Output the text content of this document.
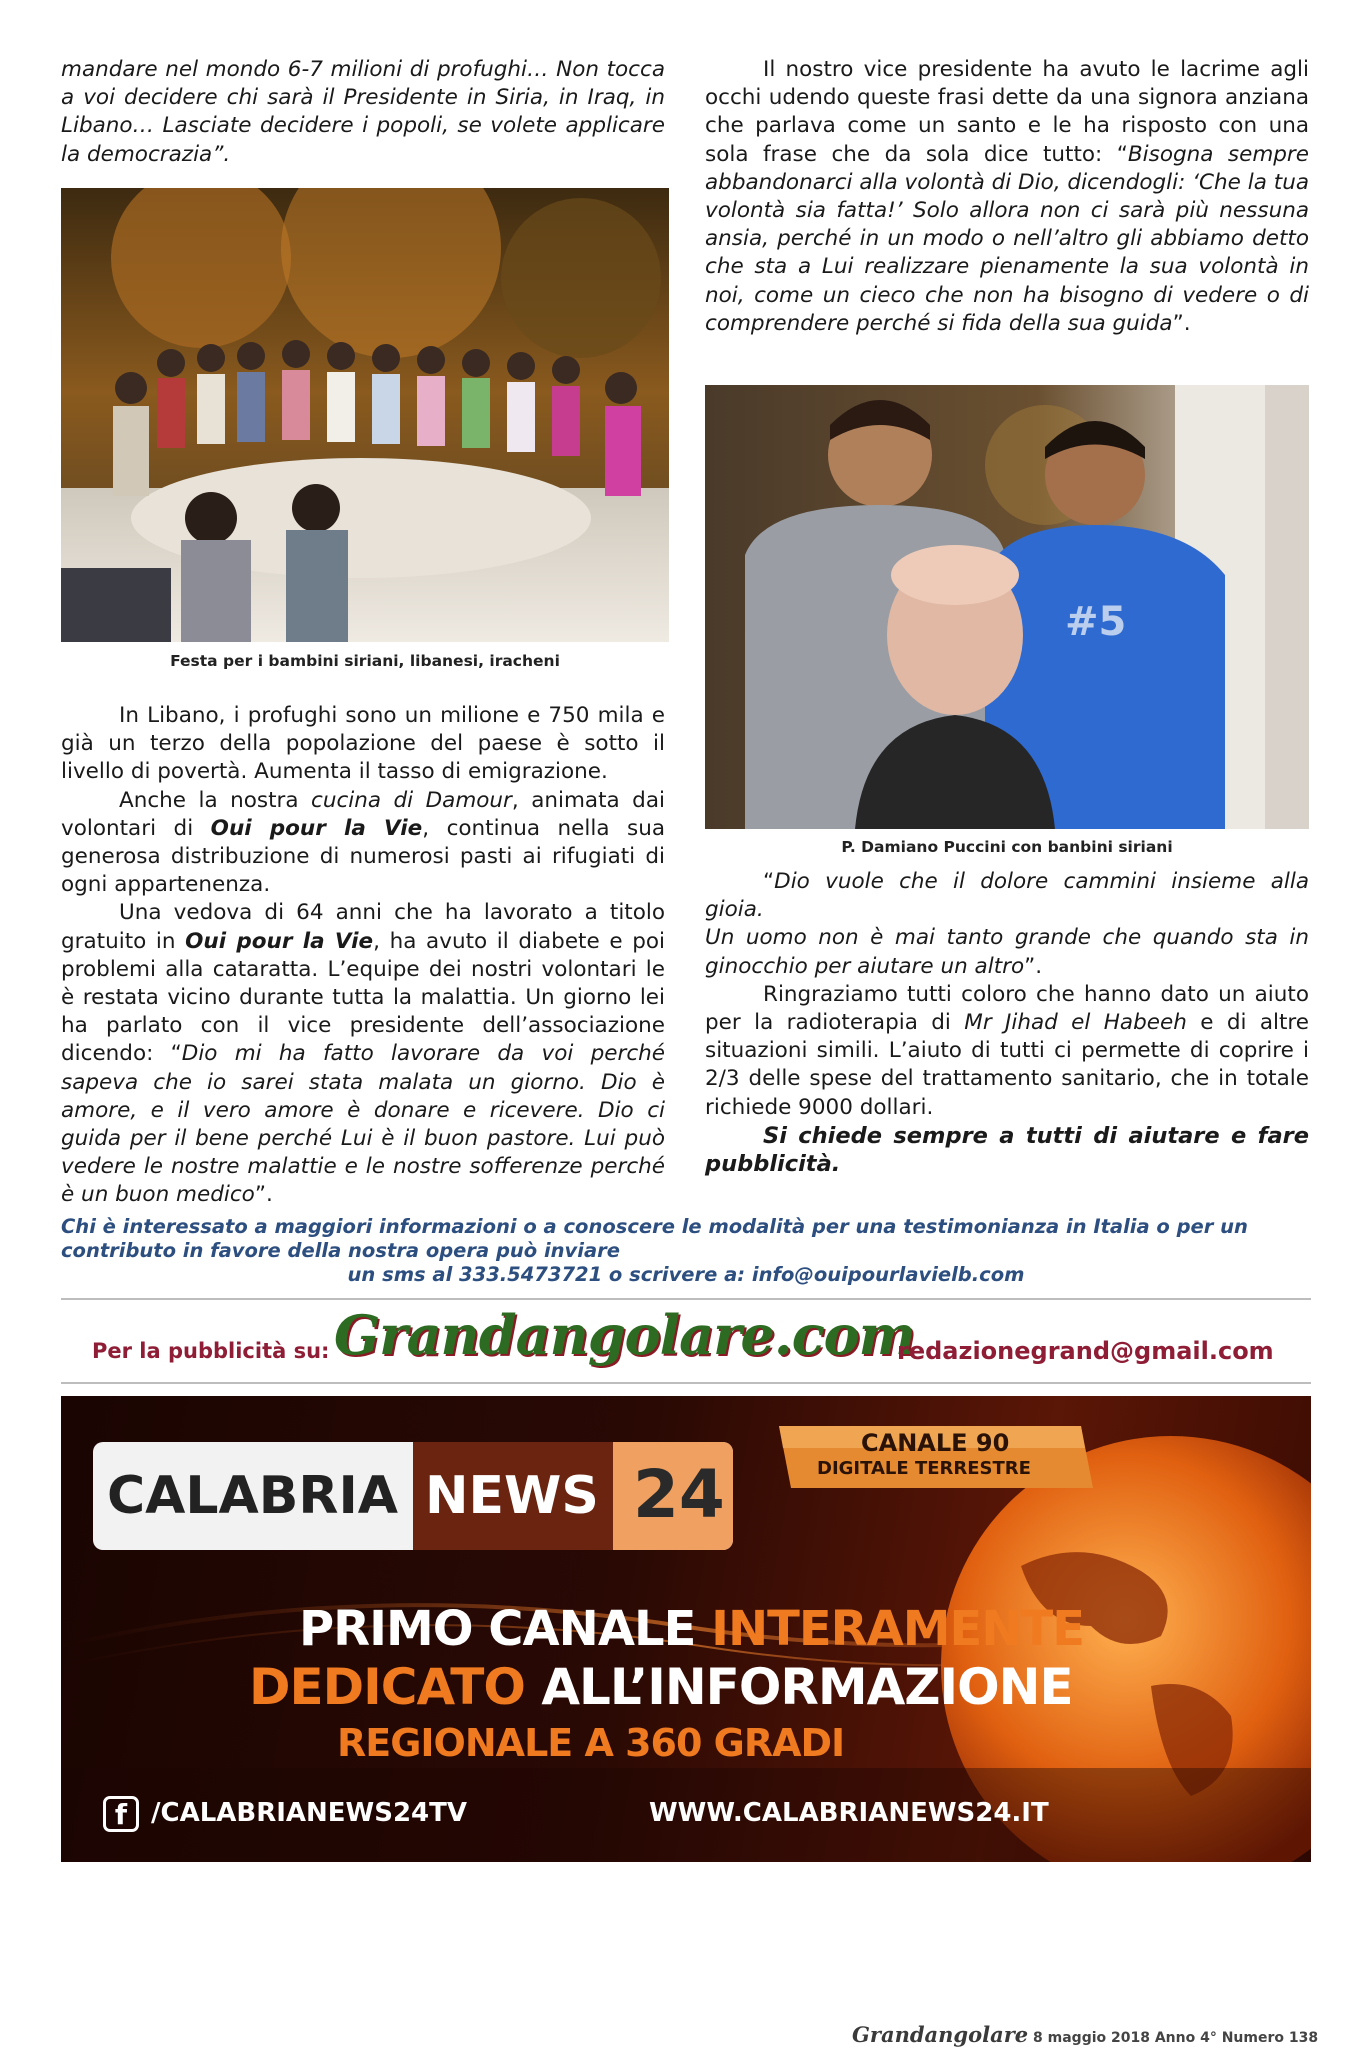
mandare nel mondo 6-7 milioni di profughi… Non tocca a voi decidere chi sarà il Presidente in Siria, in Iraq, in Libano… Lasciate decidere i popoli, se volete applicare la democrazia”.

Festa per i bambini siriani, libanesi, iracheni

In Libano, i profughi sono un milione e 750 mila e già un terzo della popolazione del paese è sotto il livello di povertà. Aumenta il tasso di emigrazione.

Anche la nostra cucina di Damour, animata dai volontari di Oui pour la Vie, continua nella sua generosa distribuzione di numerosi pasti ai rifugiati di ogni appartenenza.

Una vedova di 64 anni che ha lavorato a titolo gratuito in Oui pour la Vie, ha avuto il diabete e poi problemi alla cataratta. L’equipe dei nostri volontari le è restata vicino durante tutta la malattia. Un giorno lei ha parlato con il vice presidente dell’associazione dicendo: “Dio mi ha fatto lavorare da voi perché sapeva che io sarei stata malata un giorno. Dio è amore, e il vero amore è donare e ricevere. Dio ci guida per il bene perché Lui è il buon pastore. Lui può vedere le nostre malattie e le nostre sofferenze perché è un buon medico”.

Il nostro vice presidente ha avuto le lacrime agli occhi udendo queste frasi dette da una signora anziana che parlava come un santo e le ha risposto con una sola frase che da sola dice tutto: “Bisogna sempre abbandonarci alla volontà di Dio, dicendogli: ‘Che la tua volontà sia fatta!’ Solo allora non ci sarà più nessuna ansia, perché in un modo o nell’altro gli abbiamo detto che sta a Lui realizzare pienamente la sua volontà in noi, come un cieco che non ha bisogno di vedere o di comprendere perché si fida della sua guida”.

#5
P. Damiano Puccini con banbini siriani

“Dio vuole che il dolore cammini insieme alla gioia.

Un uomo non è mai tanto grande che quando sta in ginocchio per aiutare un altro”.

Ringraziamo tutti coloro che hanno dato un aiuto per la radioterapia di Mr Jihad el Habeeh e di altre situazioni simili. L’aiuto di tutti ci permette di coprire i 2/3 delle spese del trattamento sanitario, che in totale richiede 9000 dollari.

Si chiede sempre a tutti di aiutare e fare pubblicità.

Chi è interessato a maggiori informazioni o a conoscere le modalità per una testimonianza in Italia o per un contributo in favore della nostra opera può inviare
un sms al 333.5473721 o scrivere a: info@ouipourlavielb.com
Per la pubblicità su: Grandangolare.com
redazionegrand@gmail.com
CALABRIA NEWS 24
CANALE 90
DIGITALE TERRESTRE
PRIMO CANALE INTERAMENTE
DEDICATO ALL’INFORMAZIONE
REGIONALE A 360 GRADI
f /CALABRIANEWS24TV	WWW.CALABRIANEWS24.IT
Grandangolare 8 maggio 2018 Anno 4° Numero 138
